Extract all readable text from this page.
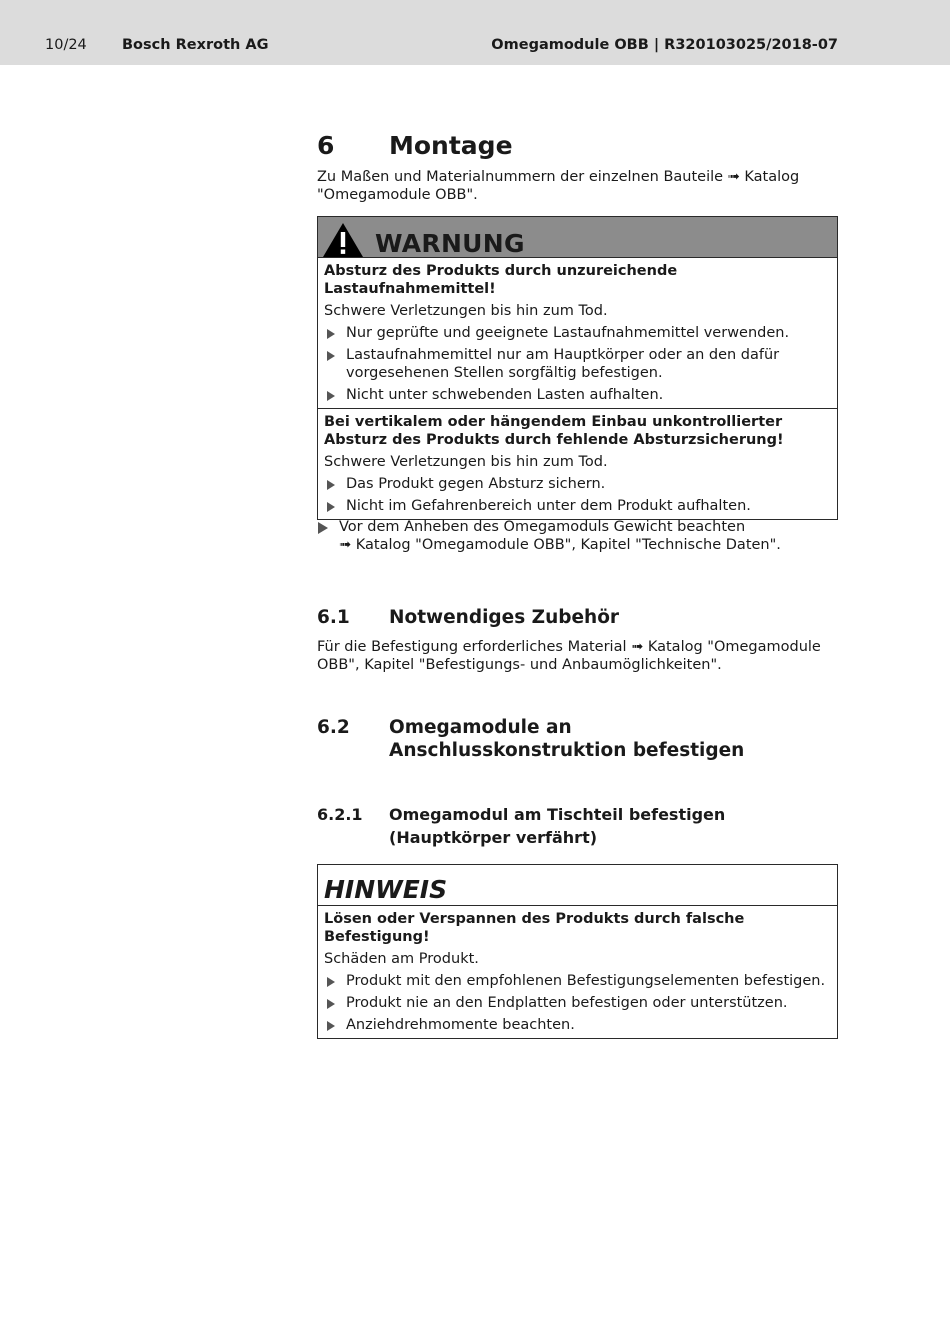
10/24 Bosch Rexroth AG	Omegamodule OBB | R320103025/2018-07
6 Montage
Zu Maßen und Materialnummern der einzelnen Bauteile ➟ Katalog "Omegamodule OBB".
WARNUNG
Absturz des Produkts durch unzureichende Lastaufnahmemittel!
Schwere Verletzungen bis hin zum Tod.
Nur geprüfte und geeignete Lastaufnahmemittel verwenden.
Lastaufnahmemittel nur am Hauptkörper oder an den dafür vorgesehenen Stellen sorgfältig befestigen.
Nicht unter schwebenden Lasten aufhalten.
Bei vertikalem oder hängendem Einbau unkontrollierter Absturz des Produkts durch fehlende Absturzsicherung!
Schwere Verletzungen bis hin zum Tod.
Das Produkt gegen Absturz sichern.
Nicht im Gefahrenbereich unter dem Produkt aufhalten.
Vor dem Anheben des Omegamoduls Gewicht beachten
➟ Katalog "Omegamodule OBB", Kapitel "Technische Daten".
6.1 Notwendiges Zubehör
Für die Befestigung erforderliches Material ➟ Katalog "Omegamodule OBB", Kapitel "Befestigungs- und Anbaumöglichkeiten".
6.2 Omegamodule an Anschlusskonstruktion befestigen
6.2.1 Omegamodul am Tischteil befestigen (Hauptkörper verfährt)
HINWEIS
Lösen oder Verspannen des Produkts durch falsche Befestigung!
Schäden am Produkt.
Produkt mit den empfohlenen Befestigungselementen befestigen.
Produkt nie an den Endplatten befestigen oder unterstützen.
Anziehdrehmomente beachten.
